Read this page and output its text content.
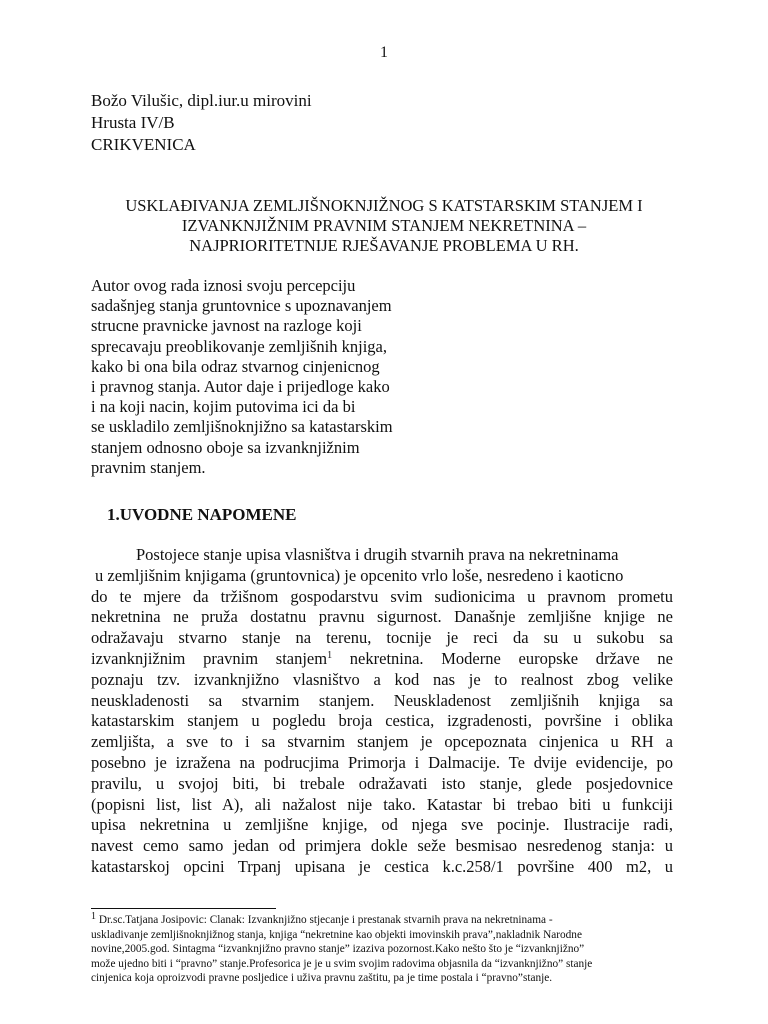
1
Božo Vilušic, dipl.iur.u mirovini
Hrusta IV/B
CRIKVENICA
USKLAĐIVANJA ZEMLJIŠNOKNJIŽNOG S KATSTARSKIM STANJEM I
IZVANKNJIŽNIM PRAVNIM STANJEM NEKRETNINA –
NAJPRIORITETNIJE RJEŠAVANJE PROBLEMA U RH.
Autor ovog rada iznosi svoju percepciju
sadašnjeg stanja gruntovnice s upoznavanjem
strucne pravnicke javnost na razloge koji
sprecavaju preoblikovanje zemljišnih knjiga,
kako bi ona bila odraz stvarnog cinjenicnog
i pravnog stanja. Autor daje i prijedloge kako
i na koji nacin, kojim putovima ici da bi
se uskladilo zemljišnoknjižno sa katastarskim
stanjem odnosno oboje sa izvanknjižnim
pravnim stanjem.
1.UVODNE NAPOMENE
Postojece stanje upisa vlasništva i drugih stvarnih prava na nekretninama
u zemljišnim knjigama (gruntovnica) je opcenito vrlo loše, nesredeno i kaoticno
do te mjere da tržišnom gospodarstvu svim sudionicima u pravnom prometu
nekretnina ne pruža dostatnu pravnu sigurnost. Današnje zemljišne knjige ne
odražavaju stvarno stanje na terenu, tocnije je reci da su u sukobu sa
izvanknjižnim pravnim stanjem$^1$ nekretnina. Moderne europske države ne
poznaju tzv. izvanknjižno vlasništvo a kod nas je to realnost zbog velike
neuskladenosti sa stvarnim stanjem. Neuskladenost zemljišnih knjiga sa
katastarskim stanjem u pogledu broja cestica, izgradenosti, površine i oblika
zemljišta, a sve to i sa stvarnim stanjem je opcepoznata cinjenica u RH a
posebno je izražena na podrucjima Primorja i Dalmacije. Te dvije evidencije, po
pravilu, u svojoj biti, bi trebale odražavati isto stanje, glede posjedovnice
(popisni list, list A), ali nažalost nije tako. Katastar bi trebao biti u funkciji
upisa nekretnina u zemljišne knjige, od njega sve pocinje. Ilustracije radi,
navest cemo samo jedan od primjera dokle seže besmisao nesredenog stanja: u
katastarskoj opcini Trpanj upisana je cestica k.c.258/1 površine 400 m2, u
$^1$ Dr.sc.Tatjana Josipovic: Clanak: Izvanknjižno stjecanje i prestanak stvarnih prava na nekretninama -
uskladivanje zemljišnoknjižnog stanja, knjiga “nekretnine kao objekti imovinskih prava”,nakladnik Narodne
novine,2005.god. Sintagma “izvanknjižno pravno stanje” izaziva pozornost.Kako nešto što je “izvanknjižno”
može ujedno biti i “pravno” stanje.Profesorica je je u svim svojim radovima objasnila da “izvanknjižno” stanje
cinjenica koja oproizvodi pravne posljedice i uživa pravnu zaštitu, pa je time postala i “pravno”stanje.
